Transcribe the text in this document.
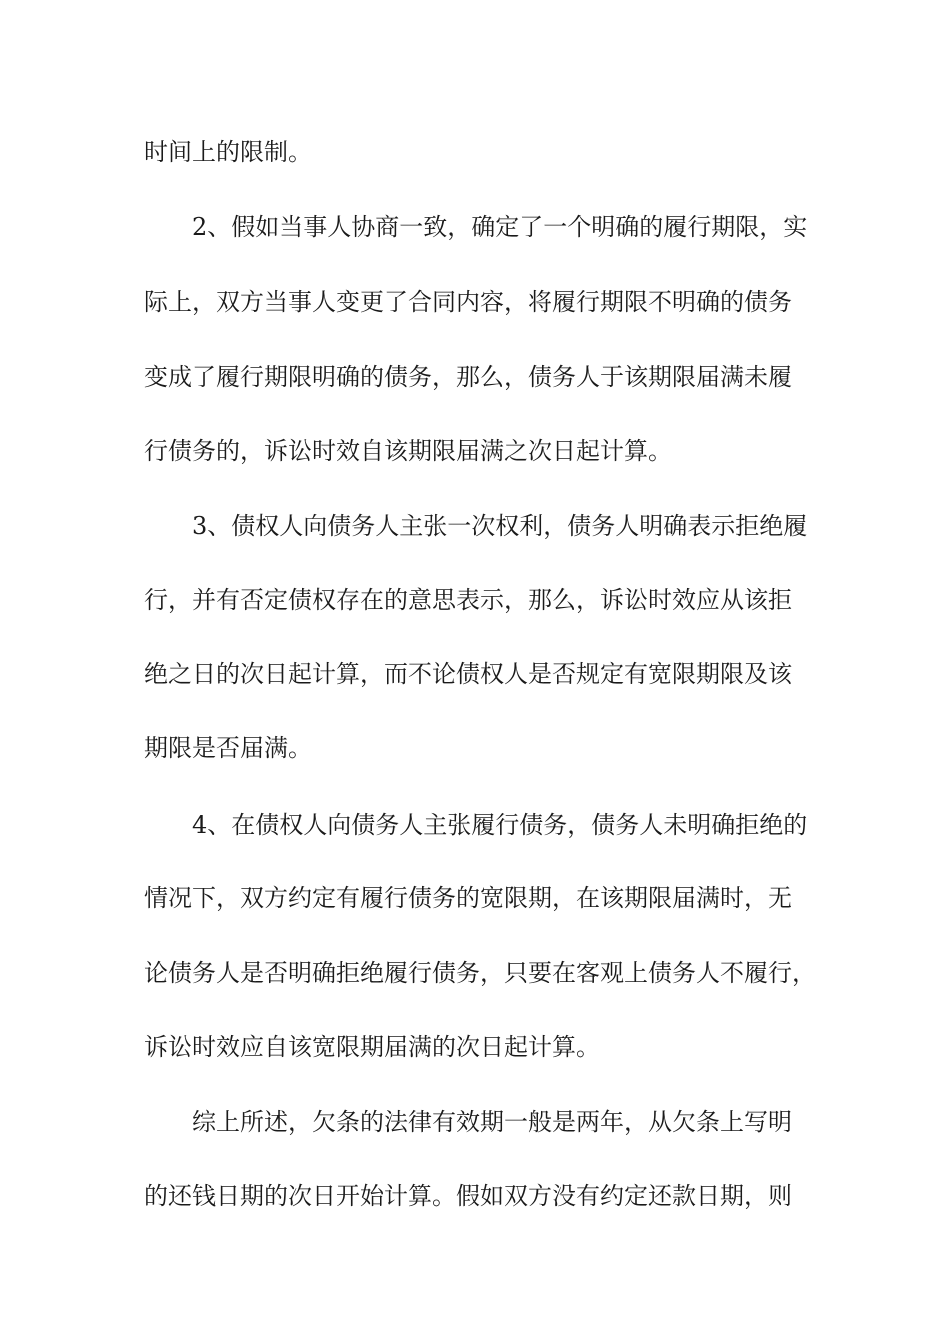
时间上的限制。
2、假如当事人协商一致，确定了一个明确的履行期限，实
际上，双方当事人变更了合同内容，将履行期限不明确的债务
变成了履行期限明确的债务，那么，债务人于该期限届满未履
行债务的，诉讼时效自该期限届满之次日起计算。
3、债权人向债务人主张一次权利，债务人明确表示拒绝履
行，并有否定债权存在的意思表示，那么，诉讼时效应从该拒
绝之日的次日起计算，而不论债权人是否规定有宽限期限及该
期限是否届满。
4、在债权人向债务人主张履行债务，债务人未明确拒绝的
情况下，双方约定有履行债务的宽限期，在该期限届满时，无
论债务人是否明确拒绝履行债务，只要在客观上债务人不履行，
诉讼时效应自该宽限期届满的次日起计算。
综上所述，欠条的法律有效期一般是两年，从欠条上写明
的还钱日期的次日开始计算。假如双方没有约定还款日期，则
